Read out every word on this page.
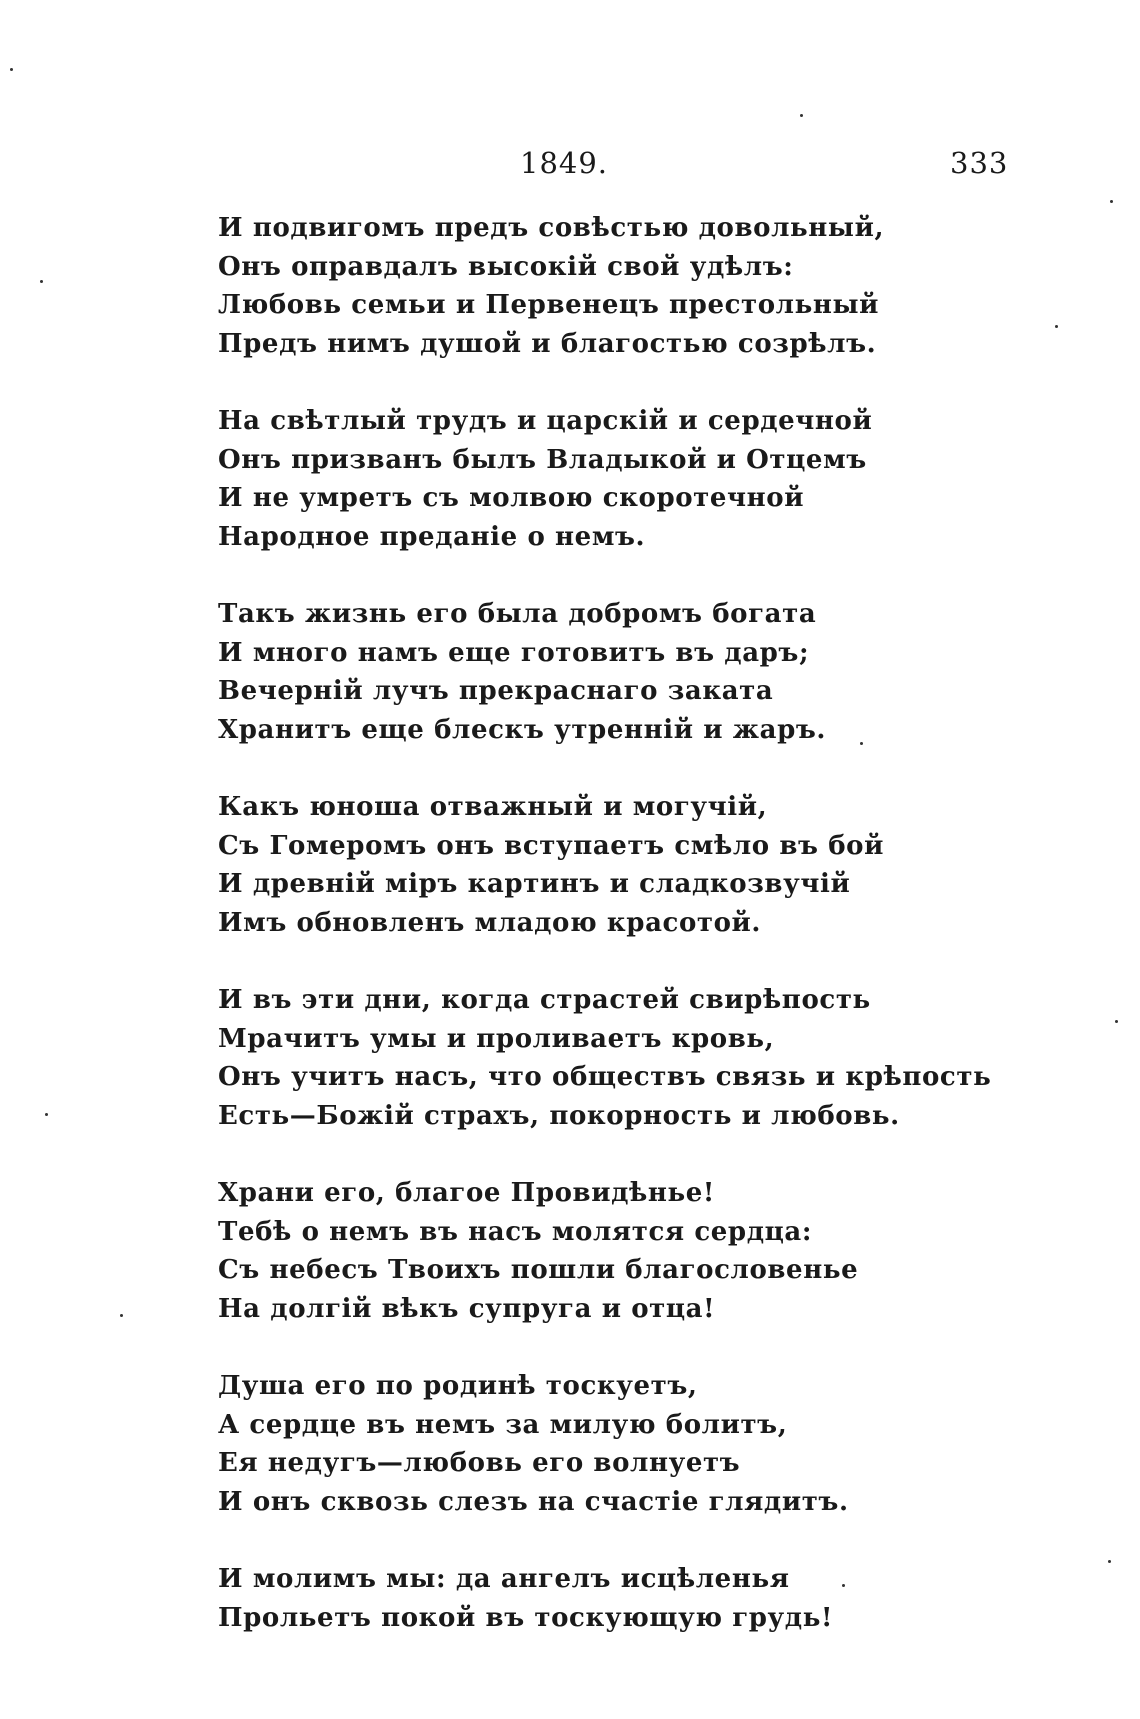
1849.	333
И подвигомъ предъ совѣстью довольный,
Онъ оправдалъ высокій свой удѣлъ:
Любовь семьи и Первенецъ престольный
Предъ нимъ душой и благостью созрѣлъ.
На свѣтлый трудъ и царскій и сердечной
Онъ призванъ былъ Владыкой и Отцемъ
И не умретъ съ молвою скоротечной
Народное преданіе о немъ.
Такъ жизнь его была добромъ богата
И много намъ еще готовитъ въ даръ;
Вечерній лучъ прекраснаго заката
Хранитъ еще блескъ утренній и жаръ.
Какъ юноша отважный и могучій,
Съ Гомеромъ онъ вступаетъ смѣло въ бой
И древній міръ картинъ и сладкозвучій
Имъ обновленъ младою красотой.
И въ эти дни, когда страстей свирѣпость
Мрачитъ умы и проливаетъ кровь,
Онъ учитъ насъ, что обществъ связь и крѣпость
Есть—Божій страхъ, покорность и любовь.
Храни его, благое Провидѣнье!
Тебѣ о немъ въ насъ молятся сердца:
Съ небесъ Твоихъ пошли благословенье
На долгій вѣкъ супруга и отца!
Душа его по родинѣ тоскуетъ,
А сердце въ немъ за милую болитъ,
Ея недугъ—любовь его волнуетъ
И онъ сквозь слезъ на счастіе глядитъ.
И молимъ мы: да ангелъ исцѣленья
Прольетъ покой въ тоскующую грудь!
